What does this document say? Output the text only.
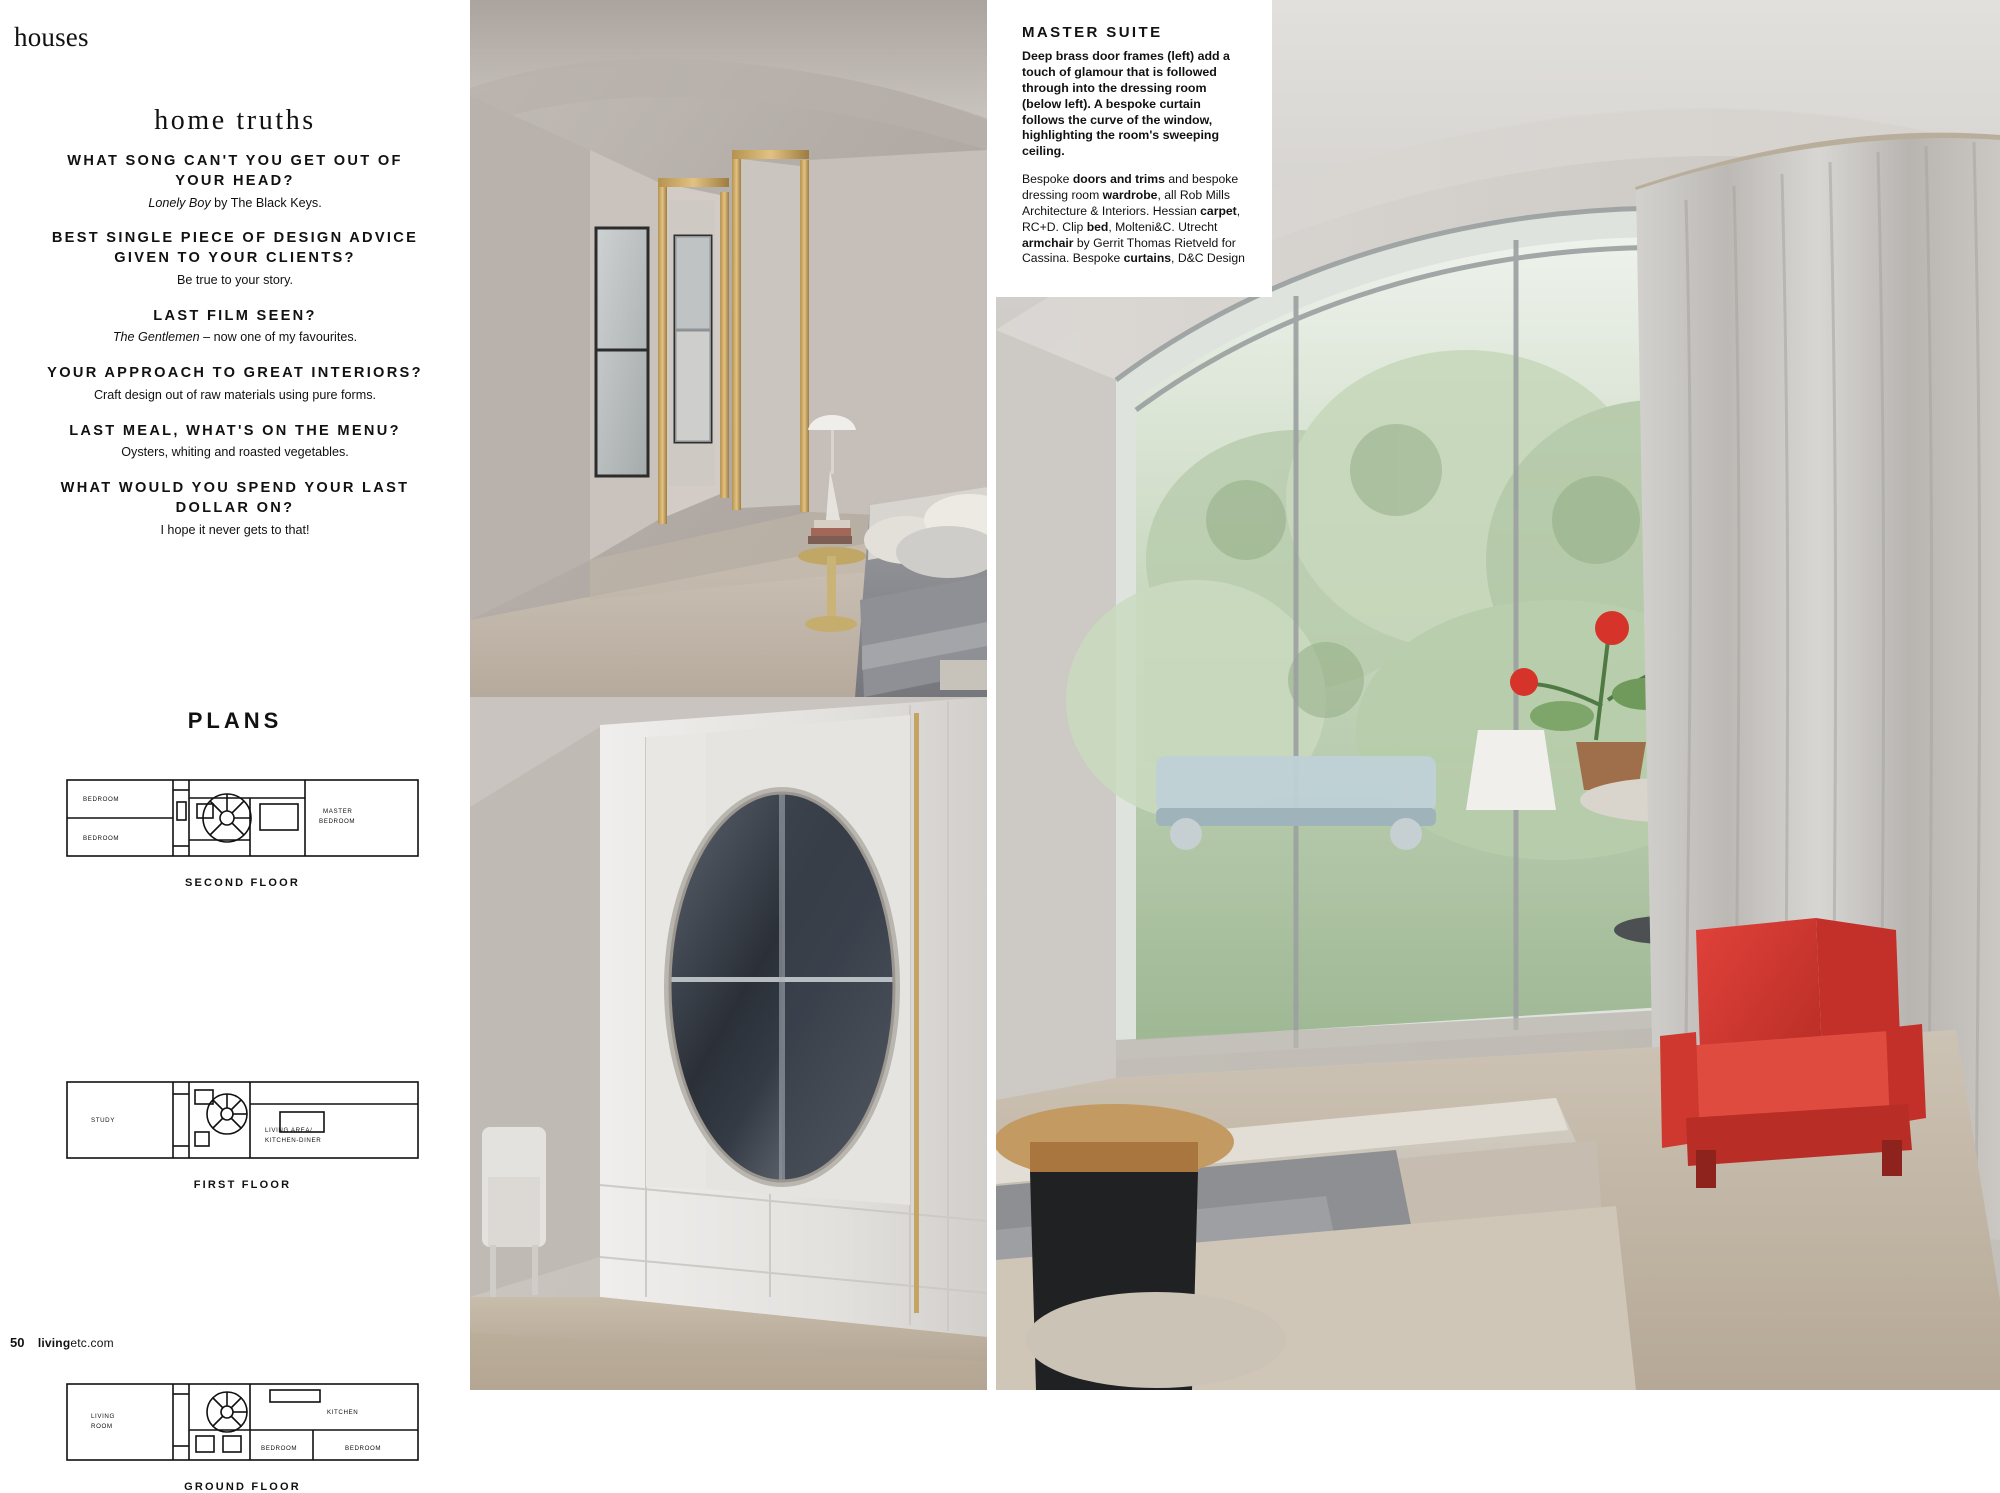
houses
home truths
WHAT SONG CAN'T YOU GET OUT OF YOUR HEAD?
Lonely Boy by The Black Keys.
BEST SINGLE PIECE OF DESIGN ADVICE GIVEN TO YOUR CLIENTS?
Be true to your story.
LAST FILM SEEN?
The Gentlemen – now one of my favourites.
YOUR APPROACH TO GREAT INTERIORS?
Craft design out of raw materials using pure forms.
LAST MEAL, WHAT'S ON THE MENU?
Oysters, whiting and roasted vegetables.
WHAT WOULD YOU SPEND YOUR LAST DOLLAR ON?
I hope it never gets to that!
PLANS
BEDROOM
BEDROOM
MASTER
BEDROOM
SECOND FLOOR
STUDY
LIVING AREA/
KITCHEN-DINER
FIRST FLOOR
LIVING
ROOM
KITCHEN
BEDROOM	BEDROOM
GROUND FLOOR
50 livingetc.com
MASTER SUITE
Deep brass door frames (left) add a touch of glamour that is followed through into the dressing room (below left). A bespoke curtain follows the curve of the window, highlighting the room's sweeping ceiling.
Bespoke doors and trims and bespoke dressing room wardrobe, all Rob Mills Architecture & Interiors. Hessian carpet, RC+D. Clip bed, Molteni&C. Utrecht armchair by Gerrit Thomas Rietveld for Cassina. Bespoke curtains, D&C Design
